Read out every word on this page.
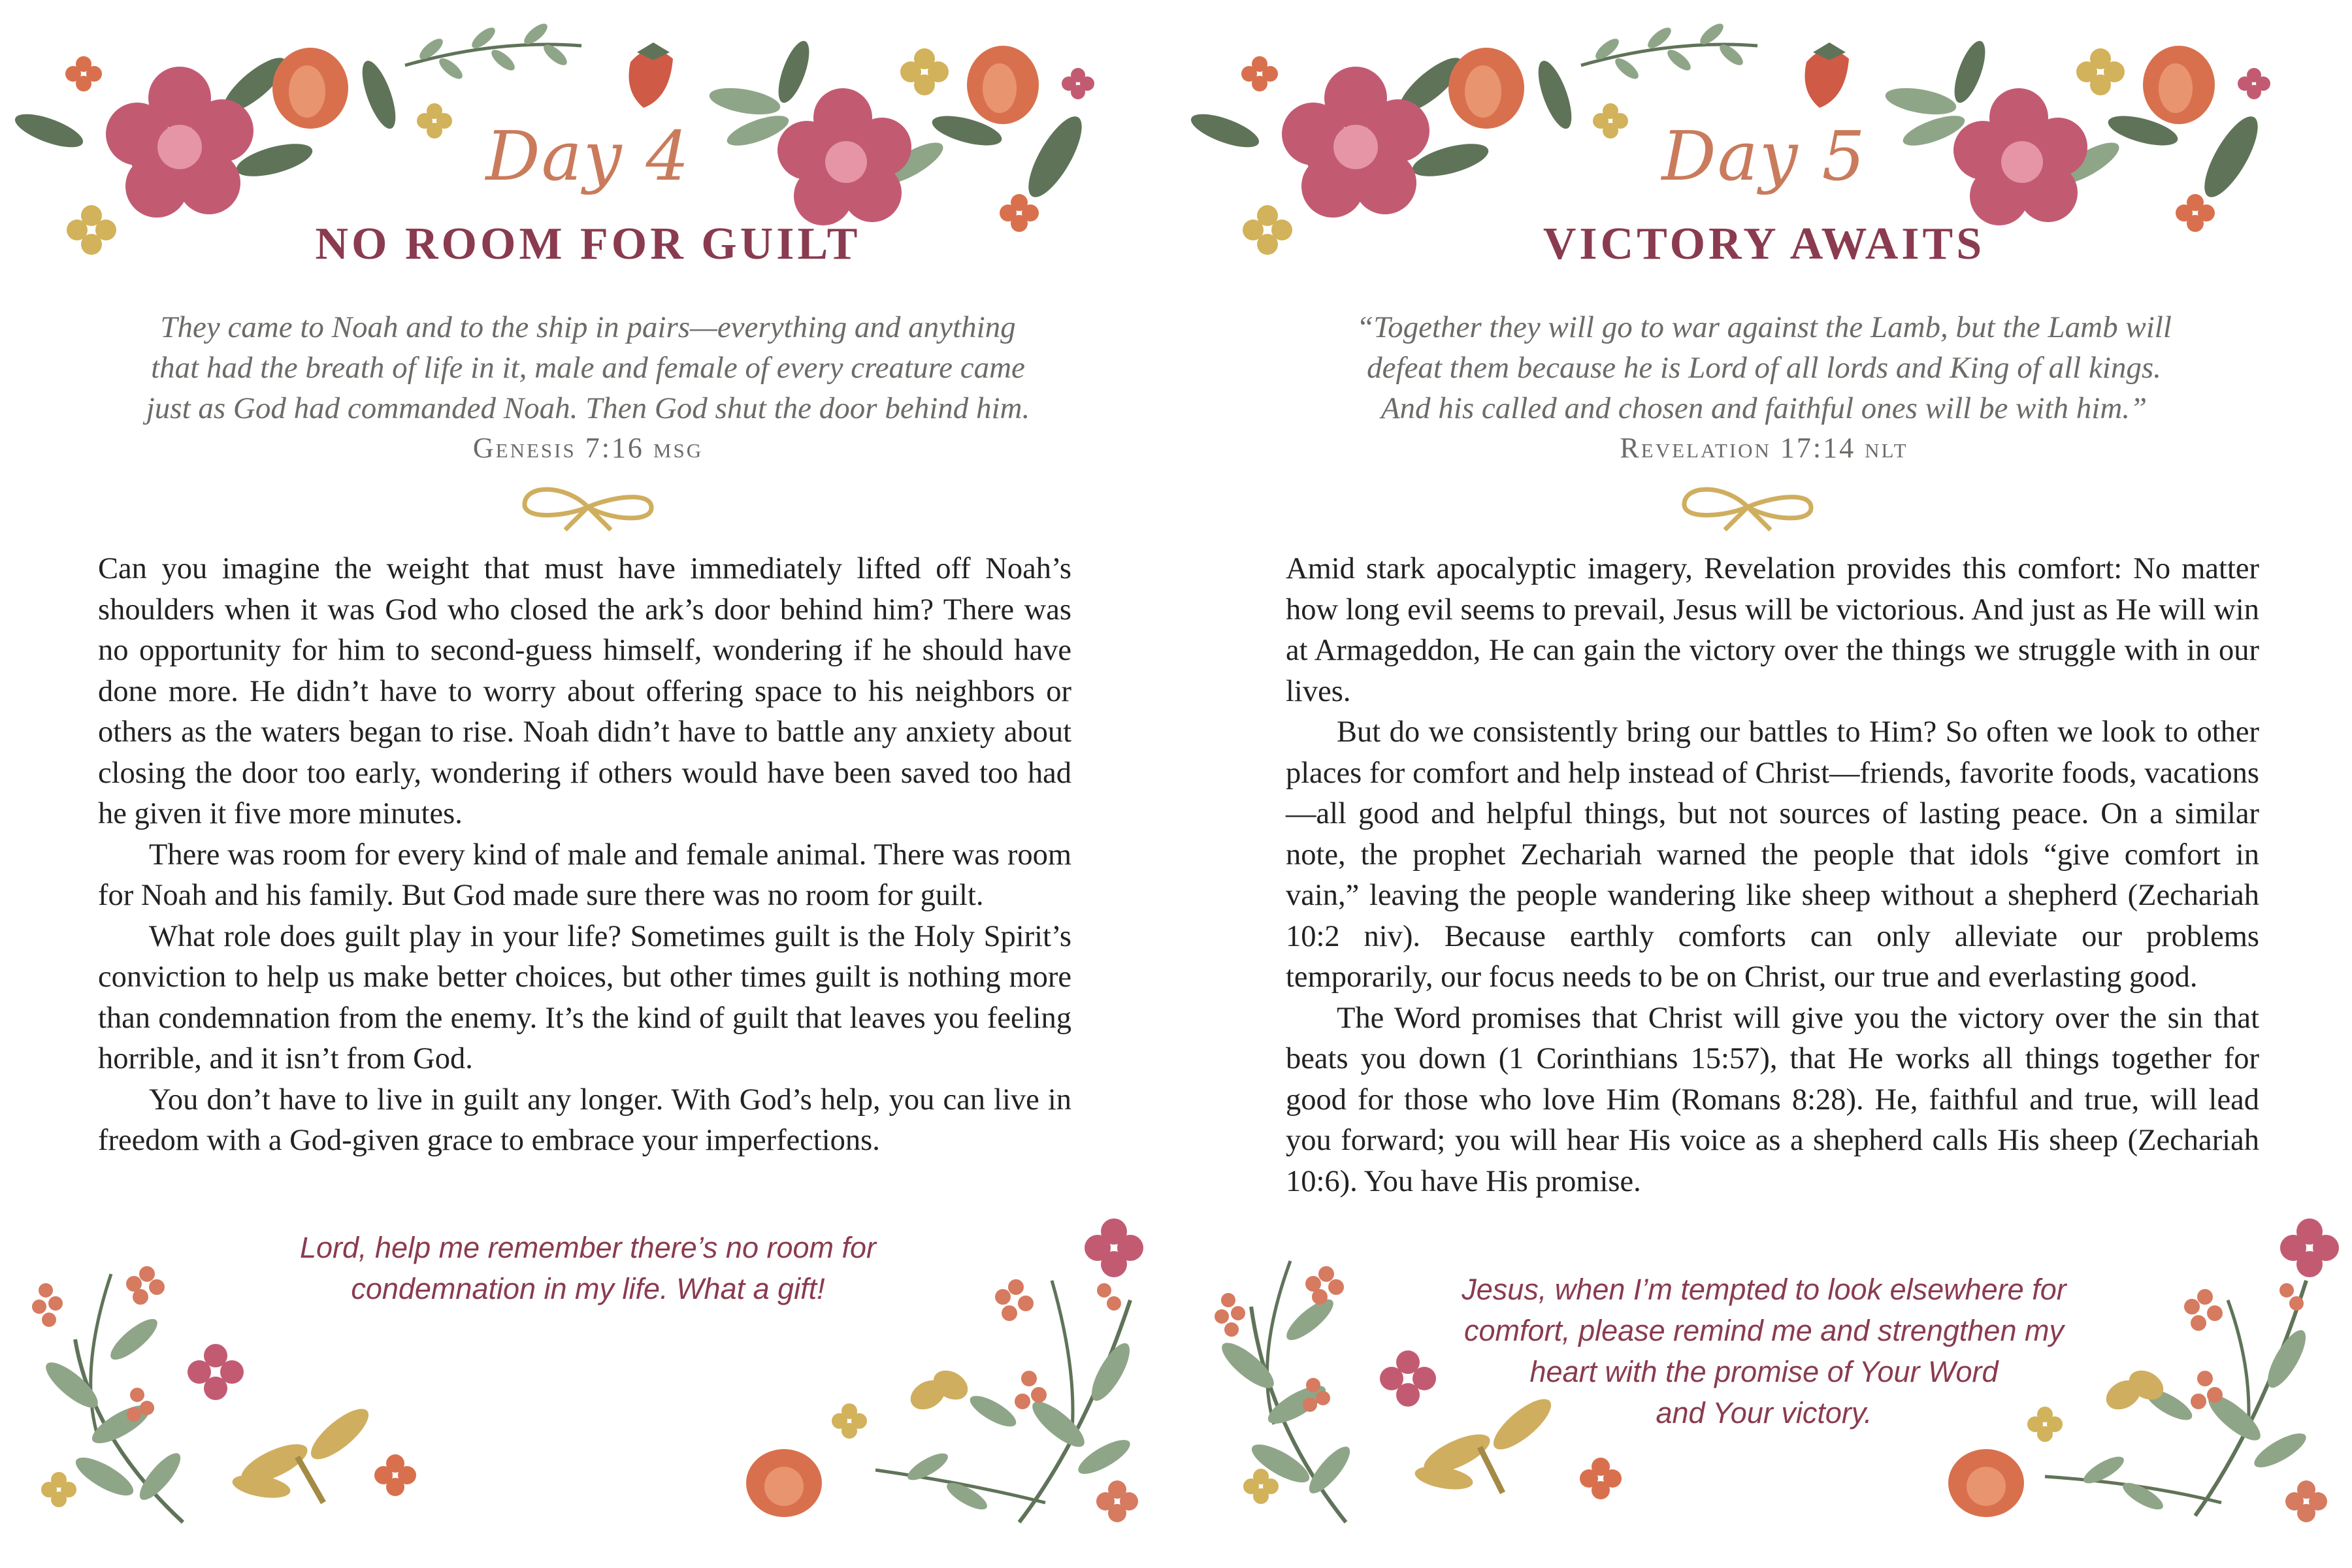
Day 4
NO ROOM FOR GUILT
They came to Noah and to the ship in pairs—everything and anything
that had the breath of life in it, male and female of every creature came
just as God had commanded Noah. Then God shut the door behind him.
Genesis 7:16 msg

Can you imagine the weight that must have immediately lifted off Noah’s shoulders when it was God who closed the ark’s door behind him? There was no opportunity for him to second-guess himself, wondering if he should have done more. He didn’t have to worry about offering space to his neighbors or others as the waters began to rise. Noah didn’t have to battle any anxiety about closing the door too early, wondering if others would have been saved too had he given it five more minutes.

There was room for every kind of male and female animal. There was room for Noah and his family. But God made sure there was no room for guilt.

What role does guilt play in your life? Sometimes guilt is the Holy Spirit’s conviction to help us make better choices, but other times guilt is nothing more than condemnation from the enemy. It’s the kind of guilt that leaves you feeling horrible, and it isn’t from God.

You don’t have to live in guilt any longer. With God’s help, you can live in freedom with a God-given grace to embrace your imperfections.

Lord, help me remember there’s no room for
condemnation in my life. What a gift!
Day 5
VICTORY AWAITS
“Together they will go to war against the Lamb, but the Lamb will
defeat them because he is Lord of all lords and King of all kings.
And his called and chosen and faithful ones will be with him.”
Revelation 17:14 nlt

Amid stark apocalyptic imagery, Revelation provides this comfort: No matter how long evil seems to prevail, Jesus will be victorious. And just as He will win at Armageddon, He can gain the victory over the things we struggle with in our lives.

But do we consistently bring our battles to Him? So often we look to other places for comfort and help instead of Christ—friends, favorite foods, vacations—all good and helpful things, but not sources of lasting peace. On a similar note, the prophet Zechariah warned the people that idols “give comfort in vain,” leaving the people wandering like sheep without a shepherd (Zechariah 10:2 niv). Because earthly comforts can only alleviate our problems temporarily, our focus needs to be on Christ, our true and everlasting good.

The Word promises that Christ will give you the victory over the sin that beats you down (1 Corinthians 15:57), that He works all things together for good for those who love Him (Romans 8:28). He, faithful and true, will lead you forward; you will hear His voice as a shepherd calls His sheep (Zechariah 10:6). You have His promise.

Jesus, when I’m tempted to look elsewhere for
comfort, please remind me and strengthen my
heart with the promise of Your Word
and Your victory.
